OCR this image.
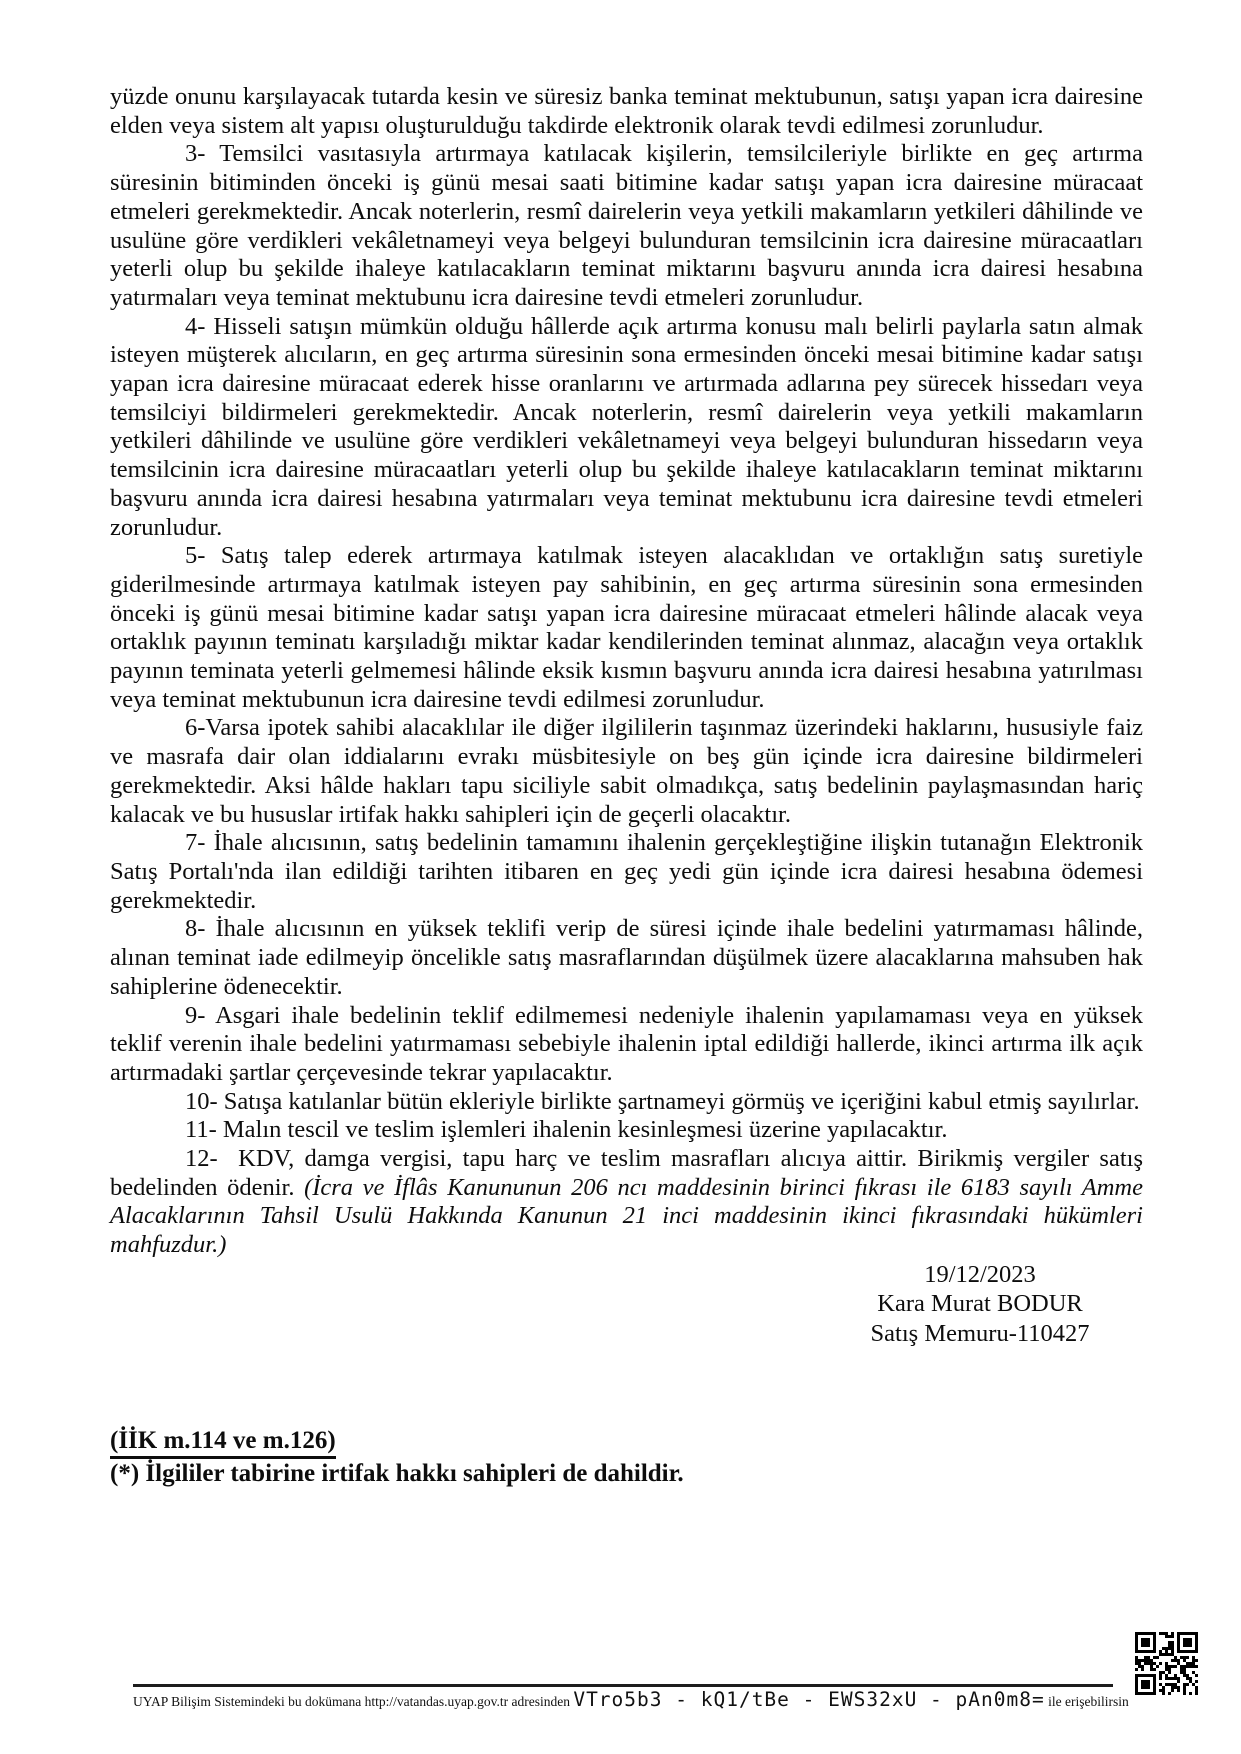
yüzde onunu karşılayacak tutarda kesin ve süresiz banka teminat mektubunun, satışı yapan icra dairesine elden veya sistem alt yapısı oluşturulduğu takdirde elektronik olarak tevdi edilmesi zorunludur.

3- Temsilci vasıtasıyla artırmaya katılacak kişilerin, temsilcileriyle birlikte en geç artırma süresinin bitiminden önceki iş günü mesai saati bitimine kadar satışı yapan icra dairesine müracaat etmeleri gerekmektedir. Ancak noterlerin, resmî dairelerin veya yetkili makamların yetkileri dâhilinde ve usulüne göre verdikleri vekâletnameyi veya belgeyi bulunduran temsilcinin icra dairesine müracaatları yeterli olup bu şekilde ihaleye katılacakların teminat miktarını başvuru anında icra dairesi hesabına yatırmaları veya teminat mektubunu icra dairesine tevdi etmeleri zorunludur.

4- Hisseli satışın mümkün olduğu hâllerde açık artırma konusu malı belirli paylarla satın almak isteyen müşterek alıcıların, en geç artırma süresinin sona ermesinden önceki mesai bitimine kadar satışı yapan icra dairesine müracaat ederek hisse oranlarını ve artırmada adlarına pey sürecek hissedarı veya temsilciyi bildirmeleri gerekmektedir. Ancak noterlerin, resmî dairelerin veya yetkili makamların yetkileri dâhilinde ve usulüne göre verdikleri vekâletnameyi veya belgeyi bulunduran hissedarın veya temsilcinin icra dairesine müracaatları yeterli olup bu şekilde ihaleye katılacakların teminat miktarını başvuru anında icra dairesi hesabına yatırmaları veya teminat mektubunu icra dairesine tevdi etmeleri zorunludur.

5- Satış talep ederek artırmaya katılmak isteyen alacaklıdan ve ortaklığın satış suretiyle giderilmesinde artırmaya katılmak isteyen pay sahibinin, en geç artırma süresinin sona ermesinden önceki iş günü mesai bitimine kadar satışı yapan icra dairesine müracaat etmeleri hâlinde alacak veya ortaklık payının teminatı karşıladığı miktar kadar kendilerinden teminat alınmaz, alacağın veya ortaklık payının teminata yeterli gelmemesi hâlinde eksik kısmın başvuru anında icra dairesi hesabına yatırılması veya teminat mektubunun icra dairesine tevdi edilmesi zorunludur.

6-Varsa ipotek sahibi alacaklılar ile diğer ilgililerin taşınmaz üzerindeki haklarını, hususiyle faiz ve masrafa dair olan iddialarını evrakı müsbitesiyle on beş gün içinde icra dairesine bildirmeleri gerekmektedir. Aksi hâlde hakları tapu siciliyle sabit olmadıkça, satış bedelinin paylaşmasından hariç kalacak ve bu hususlar irtifak hakkı sahipleri için de geçerli olacaktır.

7- İhale alıcısının, satış bedelinin tamamını ihalenin gerçekleştiğine ilişkin tutanağın Elektronik Satış Portalı'nda ilan edildiği tarihten itibaren en geç yedi gün içinde icra dairesi hesabına ödemesi gerekmektedir.

8- İhale alıcısının en yüksek teklifi verip de süresi içinde ihale bedelini yatırmaması hâlinde, alınan teminat iade edilmeyip öncelikle satış masraflarından düşülmek üzere alacaklarına mahsuben hak sahiplerine ödenecektir.

9- Asgari ihale bedelinin teklif edilmemesi nedeniyle ihalenin yapılamaması veya en yüksek teklif verenin ihale bedelini yatırmaması sebebiyle ihalenin iptal edildiği hallerde, ikinci artırma ilk açık artırmadaki şartlar çerçevesinde tekrar yapılacaktır.

10- Satışa katılanlar bütün ekleriyle birlikte şartnameyi görmüş ve içeriğini kabul etmiş sayılırlar.

11- Malın tescil ve teslim işlemleri ihalenin kesinleşmesi üzerine yapılacaktır.

12-  KDV, damga vergisi, tapu harç ve teslim masrafları alıcıya aittir. Birikmiş vergiler satış bedelinden ödenir. (İcra ve İflâs Kanununun 206 ncı maddesinin birinci fıkrası ile 6183 sayılı Amme Alacaklarının Tahsil Usulü Hakkında Kanunun 21 inci maddesinin ikinci fıkrasındaki hükümleri mahfuzdur.)

19/12/2023
Kara Murat BODUR
Satış Memuru-110427
(İİK m.114 ve m.126)
(*) İlgililer tabirine irtifak hakkı sahipleri de dahildir.
UYAP Bilişim Sistemindeki bu dokümana http://vatandas.uyap.gov.tr adresinden VTro5b3 - kQ1/tBe - EWS32xU - pAn0m8= ile erişebilirsin
